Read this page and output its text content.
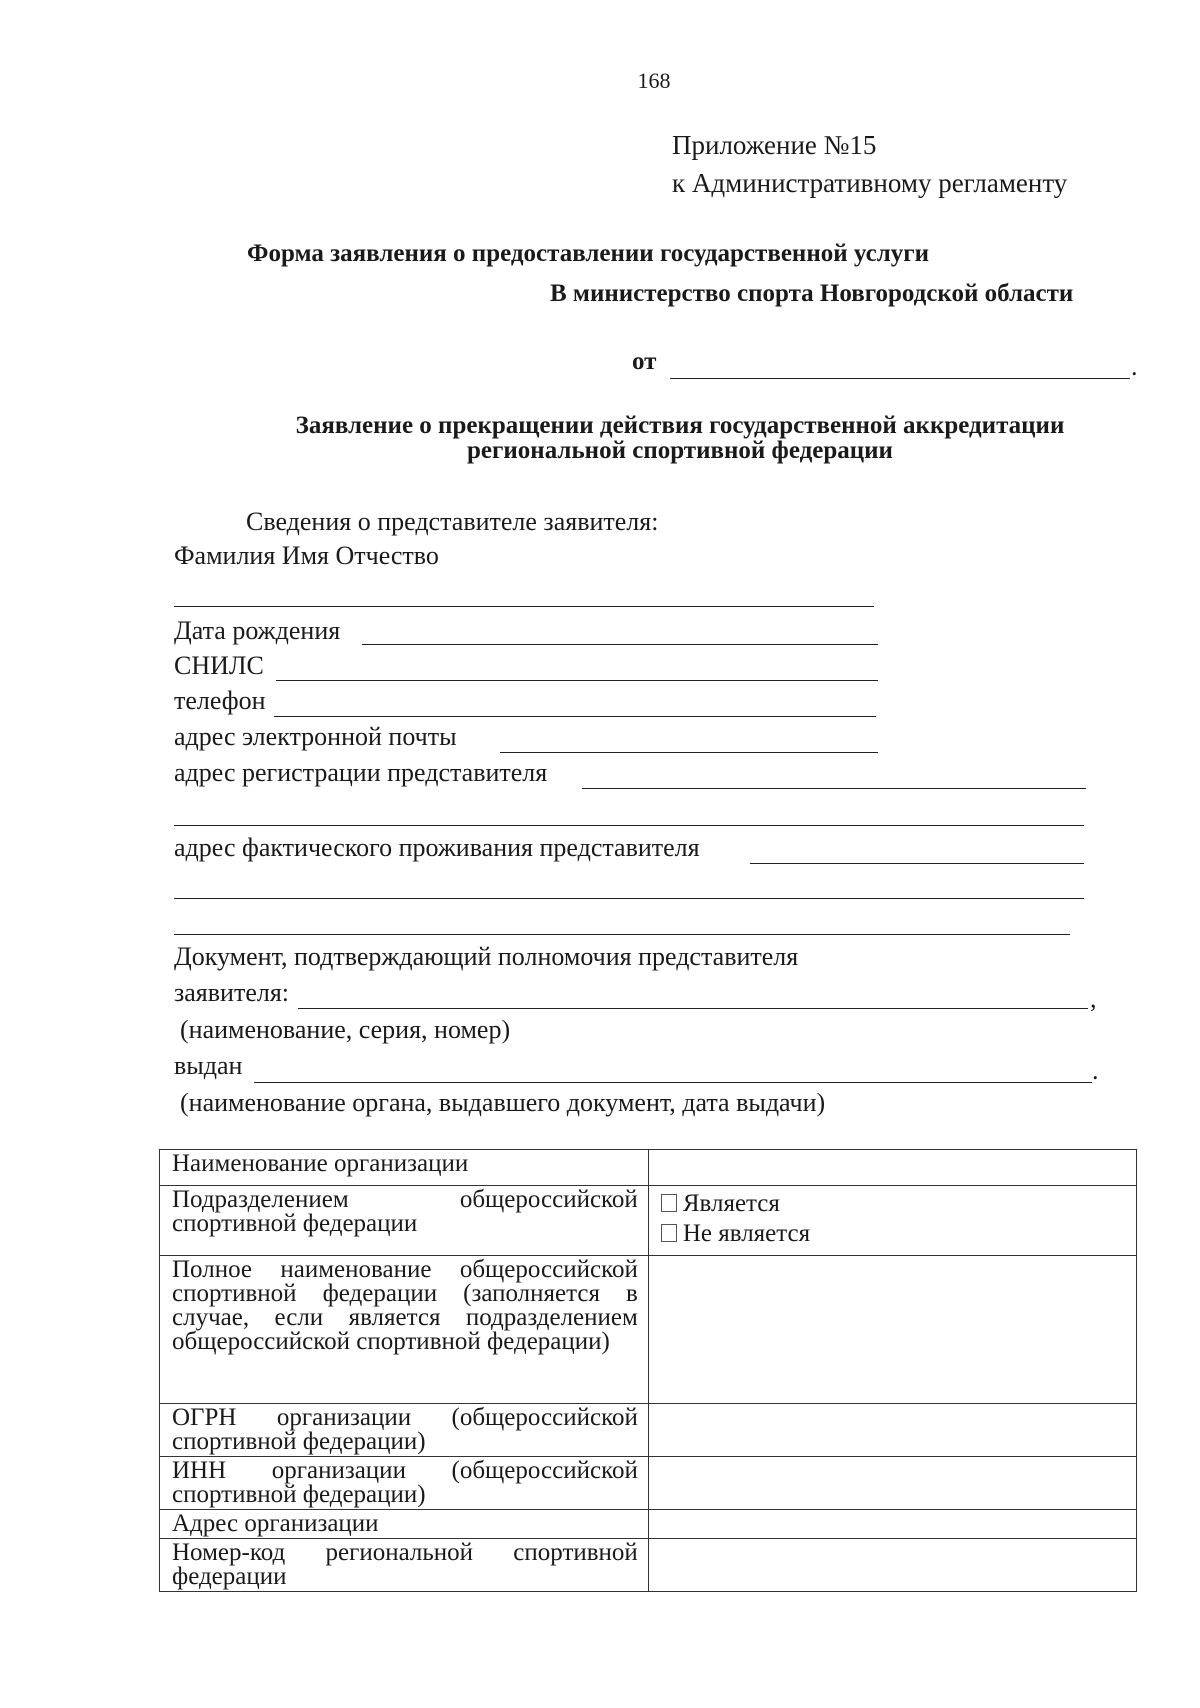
168
Приложение №15
к Административному регламенту
Форма заявления о предоставлении государственной услуги
В министерство спорта Новгородской области
от	.
Заявление о прекращении действия государственной аккредитации
региональной спортивной федерации
Сведения о представителе заявителя:
Фамилия Имя Отчество
Дата рождения
СНИЛС
телефон
адрес электронной почты
адрес регистрации представителя
адрес фактического проживания представителя
Документ, подтверждающий полномочия представителя
заявителя:	,
(наименование, серия, номер)
выдан	.
(наименование органа, выдавшего документ, дата выдачи)
Наименование организации	
Подразделением общероссийской спортивной федерации	Является
Не является

Полное наименование общероссийской спортивной федерации (заполняется в случае, если является подразделением общероссийской спортивной федерации)	
ОГРН организации (общероссийской спортивной федерации)	
ИНН организации (общероссийской спортивной федерации)	
Адрес организации	
Номер-код региональной спортивной федерации	
